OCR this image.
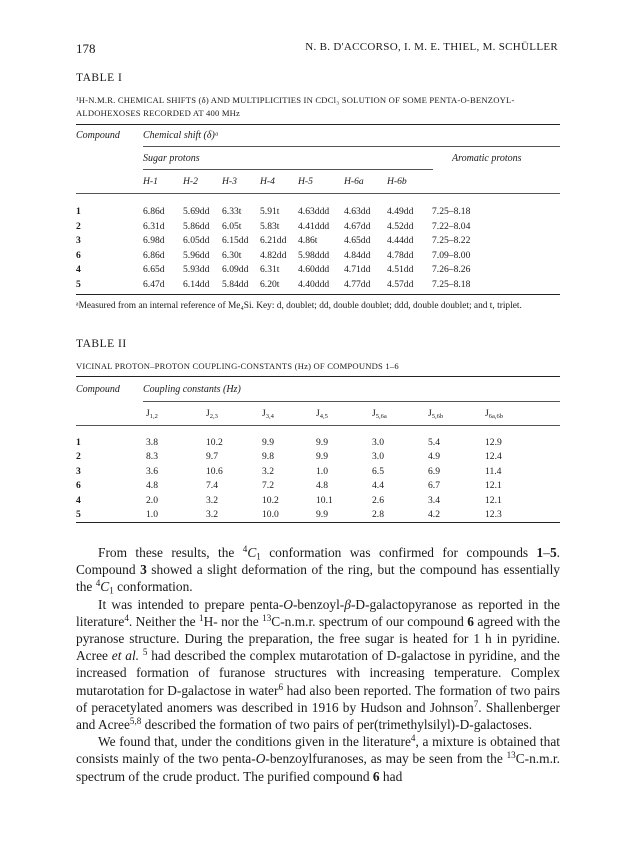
178	N. B. D'ACCORSO, I. M. E. THIEL, M. SCHÜLLER
TABLE I
¹H-N.M.R. CHEMICAL SHIFTS (δ) AND MULTIPLICITIES IN CDCl₃ SOLUTION OF SOME PENTA-O-BENZOYL-ALDOHEXOSES RECORDED AT 400 MHz
Compound Chemical shift (δ)ᵃ
Sugar protons	Aromatic protons
H-1	H-2	H-3 H-4 H-5	H-6a H-6b
1	6.86d 5.69dd 6.33t 5.91t 4.63ddd 4.63dd 4.49dd 7.25–8.18
2	6.31d 5.86dd 6.05t 5.83t 4.41ddd 4.67dd 4.52dd 7.22–8.04
3	6.98d 6.05dd 6.15dd 6.21dd 4.86t	4.65dd 4.44dd 7.25–8.22
6	6.86d 5.96dd 6.30t 4.82dd 5.98ddd 4.84dd 4.78dd 7.09–8.00
4	6.65d 5.93dd 6.09dd 6.31t 4.60ddd 4.71dd 4.51dd 7.26–8.26
5	6.47d 6.14dd 5.84dd 6.20t 4.40ddd 4.77dd 4.57dd 7.25–8.18
ᵃMeasured from an internal reference of Me₄Si. Key: d, doublet; dd, double doublet; ddd, double doublet; and t, triplet.
TABLE II
VICINAL PROTON–PROTON COUPLING-CONSTANTS (Hz) OF COMPOUNDS 1–6
Compound Coupling constants (Hz)
$J_{1,2}$	$J_{2,3}$	$J_{3,4}$	$J_{4,5}$	$J_{5,6a}$	$J_{5,6b}$	$J_{6a,6b}$
1	3.8	10.2	9.9	9.9	3.0	5.4	12.9
2	8.3	9.7	9.8	9.9	3.0	4.9	12.4
3	3.6	10.6	3.2	1.0	6.5	6.9	11.4
6	4.8	7.4	7.2	4.8	4.4	6.7	12.1
4	2.0	3.2	10.2	10.1	2.6	3.4	12.1
5	1.0	3.2	10.0	9.9	2.8	4.2	12.3

From these results, the $^4C_1$ conformation was confirmed for compounds 1–5. Compound 3 showed a slight deformation of the ring, but the compound has essentially the $^4C_1$ conformation.

It was intended to prepare penta-O-benzoyl-β-D-galactopyranose as reported in the literature$^4$. Neither the $^1$H- nor the $^{13}$C-n.m.r. spectrum of our compound 6 agreed with the pyranose structure. During the preparation, the free sugar is heated for 1 h in pyridine. Acree et al. $^5$ had described the complex mutarotation of D-galactose in pyridine, and the increased formation of furanose structures with increasing temperature. Complex mutarotation for D-galactose in water$^6$ had also been reported. The formation of two pairs of peracetylated anomers was described in 1916 by Hudson and Johnson$^7$. Shallenberger and Acree$^{5,8}$ described the formation of two pairs of per(trimethylsilyl)-D-galactoses.

We found that, under the conditions given in the literature$^4$, a mixture is obtained that consists mainly of the two penta-O-benzoylfuranoses, as may be seen from the $^{13}$C-n.m.r. spectrum of the crude product. The purified compound 6 had
